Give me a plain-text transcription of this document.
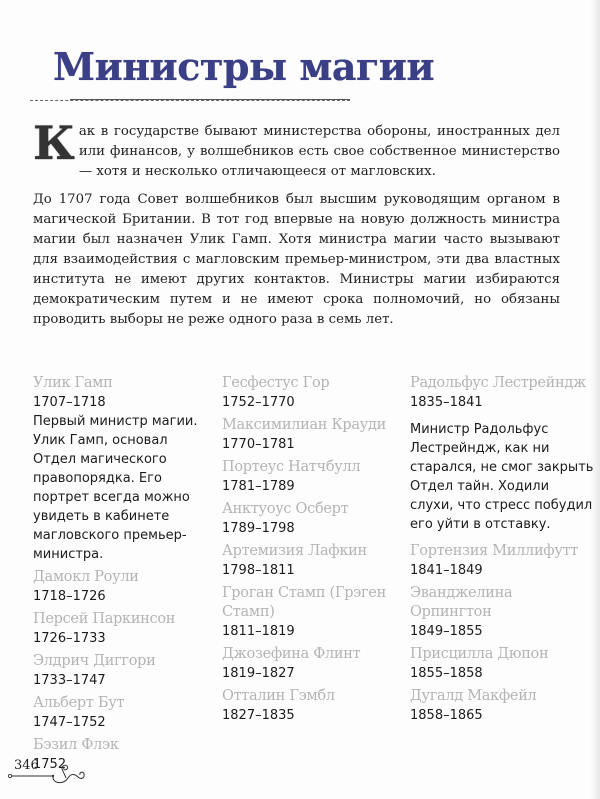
Министры магии

Как в государстве бывают министерства обороны, иностранных дел или финансов, у волшебников есть свое собственное министерство — хотя и несколько отличающееся от магловских.

До 1707 года Совет волшебников был высшим руководящим органом в магической Британии. В тот год впервые на новую должность министра магии был назначен Улик Гамп. Хотя министра магии часто вызывают для взаимодействия с магловским премьер-министром, эти два властных института не имеют других контактов. Министры магии избираются демократическим путем и не имеют срока полномочий, но обязаны проводить выборы не реже одного раза в семь лет.

Улик Гамп
1707–1718
Первый министр магии. Улик Гамп, основал Отдел магического правопорядка. Его портрет всегда можно увидеть в кабинете магловского премьер-министра.
Дамокл Роули
1718–1726
Персей Паркинсон
1726–1733
Элдрич Диггори
1733–1747
Альберт Бут
1747–1752
Бэзил Флэк
1752
Гесфестус Гор
1752–1770
Максимилиан Крауди
1770–1781
Портеус Натчбулл
1781–1789
Анктуоус Осберт
1789–1798
Артемизия Лафкин
1798–1811
Гроган Стамп (Грэген Стамп)
1811–1819
Джозефина Флинт
1819–1827
Отталин Гэмбл
1827–1835
Радольфус Лестрейндж
1835–1841
Министр Радольфус Лестрейндж, как ни старался, не смог закрыть Отдел тайн. Ходили слухи, что стресс побудил его уйти в отставку.
Гортензия Миллифутт
1841–1849
Эванджелина Орпингтон
1849–1855
Присцилла Дюпон
1855–1858
Дугалд Макфейл
1858–1865
346
